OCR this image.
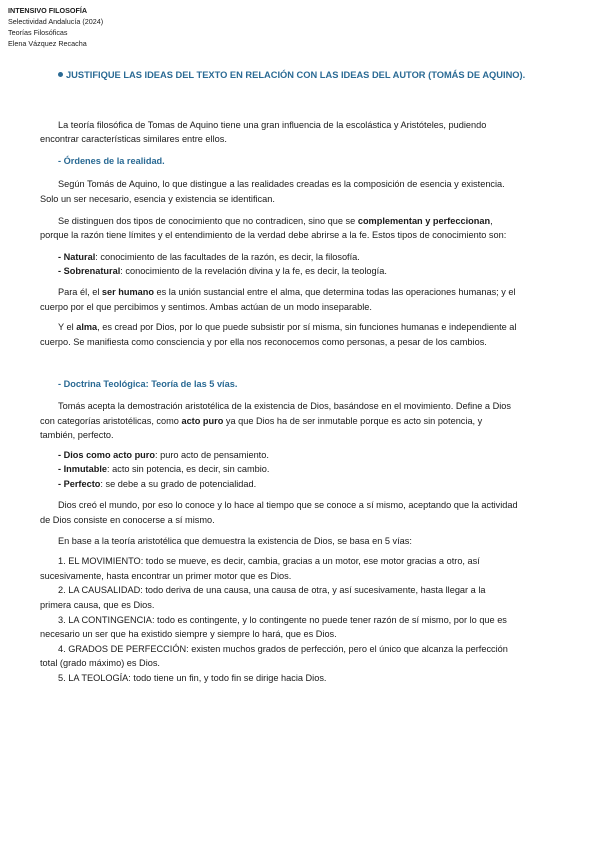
INTENSIVO FILOSOFÍA
Selectividad Andalucía (2024)
Teorías Filosóficas
Elena Vázquez Recacha
JUSTIFIQUE LAS IDEAS DEL TEXTO EN RELACIÓN CON LAS IDEAS DEL AUTOR (TOMÁS DE AQUINO).

La teoría filosófica de Tomas de Aquino tiene una gran influencia de la escolástica y Aristóteles, pudiendo encontrar características similares entre ellos.

- Órdenes de la realidad.

Según Tomás de Aquino, lo que distingue a las realidades creadas es la composición de esencia y existencia. Solo un ser necesario, esencia y existencia se identifican.

Se distinguen dos tipos de conocimiento que no contradicen, sino que se complementan y perfeccionan, porque la razón tiene límites y el entendimiento de la verdad debe abrirse a la fe. Estos tipos de conocimiento son:

- Natural: conocimiento de las facultades de la razón, es decir, la filosofía.
- Sobrenatural: conocimiento de la revelación divina y la fe, es decir, la teología.

Para él, el ser humano es la unión sustancial entre el alma, que determina todas las operaciones humanas; y el cuerpo por el que percibimos y sentimos. Ambas actúan de un modo inseparable.

Y el alma, es cread por Dios, por lo que puede subsistir por sí misma, sin funciones humanas e independiente al cuerpo. Se manifiesta como consciencia y por ella nos reconocemos como personas, a pesar de los cambios.

- Doctrina Teológica: Teoría de las 5 vías.

Tomás acepta la demostración aristotélica de la existencia de Dios, basándose en el movimiento. Define a Dios con categorías aristotélicas, como acto puro ya que Dios ha de ser inmutable porque es acto sin potencia, y también, perfecto.

- Dios como acto puro: puro acto de pensamiento.
- Inmutable: acto sin potencia, es decir, sin cambio.
- Perfecto: se debe a su grado de potencialidad.

Dios creó el mundo, por eso lo conoce y lo hace al tiempo que se conoce a sí mismo, aceptando que la actividad de Dios consiste en conocerse a sí mismo.

En base a la teoría aristotélica que demuestra la existencia de Dios, se basa en 5 vías:

1. EL MOVIMIENTO: todo se mueve, es decir, cambia, gracias a un motor, ese motor gracias a otro, así sucesivamente, hasta encontrar un primer motor que es Dios.
2. LA CAUSALIDAD: todo deriva de una causa, una causa de otra, y así sucesivamente, hasta llegar a la primera causa, que es Dios.
3. LA CONTINGENCIA: todo es contingente, y lo contingente no puede tener razón de sí mismo, por lo que es necesario un ser que ha existido siempre y siempre lo hará, que es Dios.
4. GRADOS DE PERFECCIÓN: existen muchos grados de perfección, pero el único que alcanza la perfección total (grado máximo) es Dios.
5. LA TEOLOGÍA: todo tiene un fin, y todo fin se dirige hacia Dios.
